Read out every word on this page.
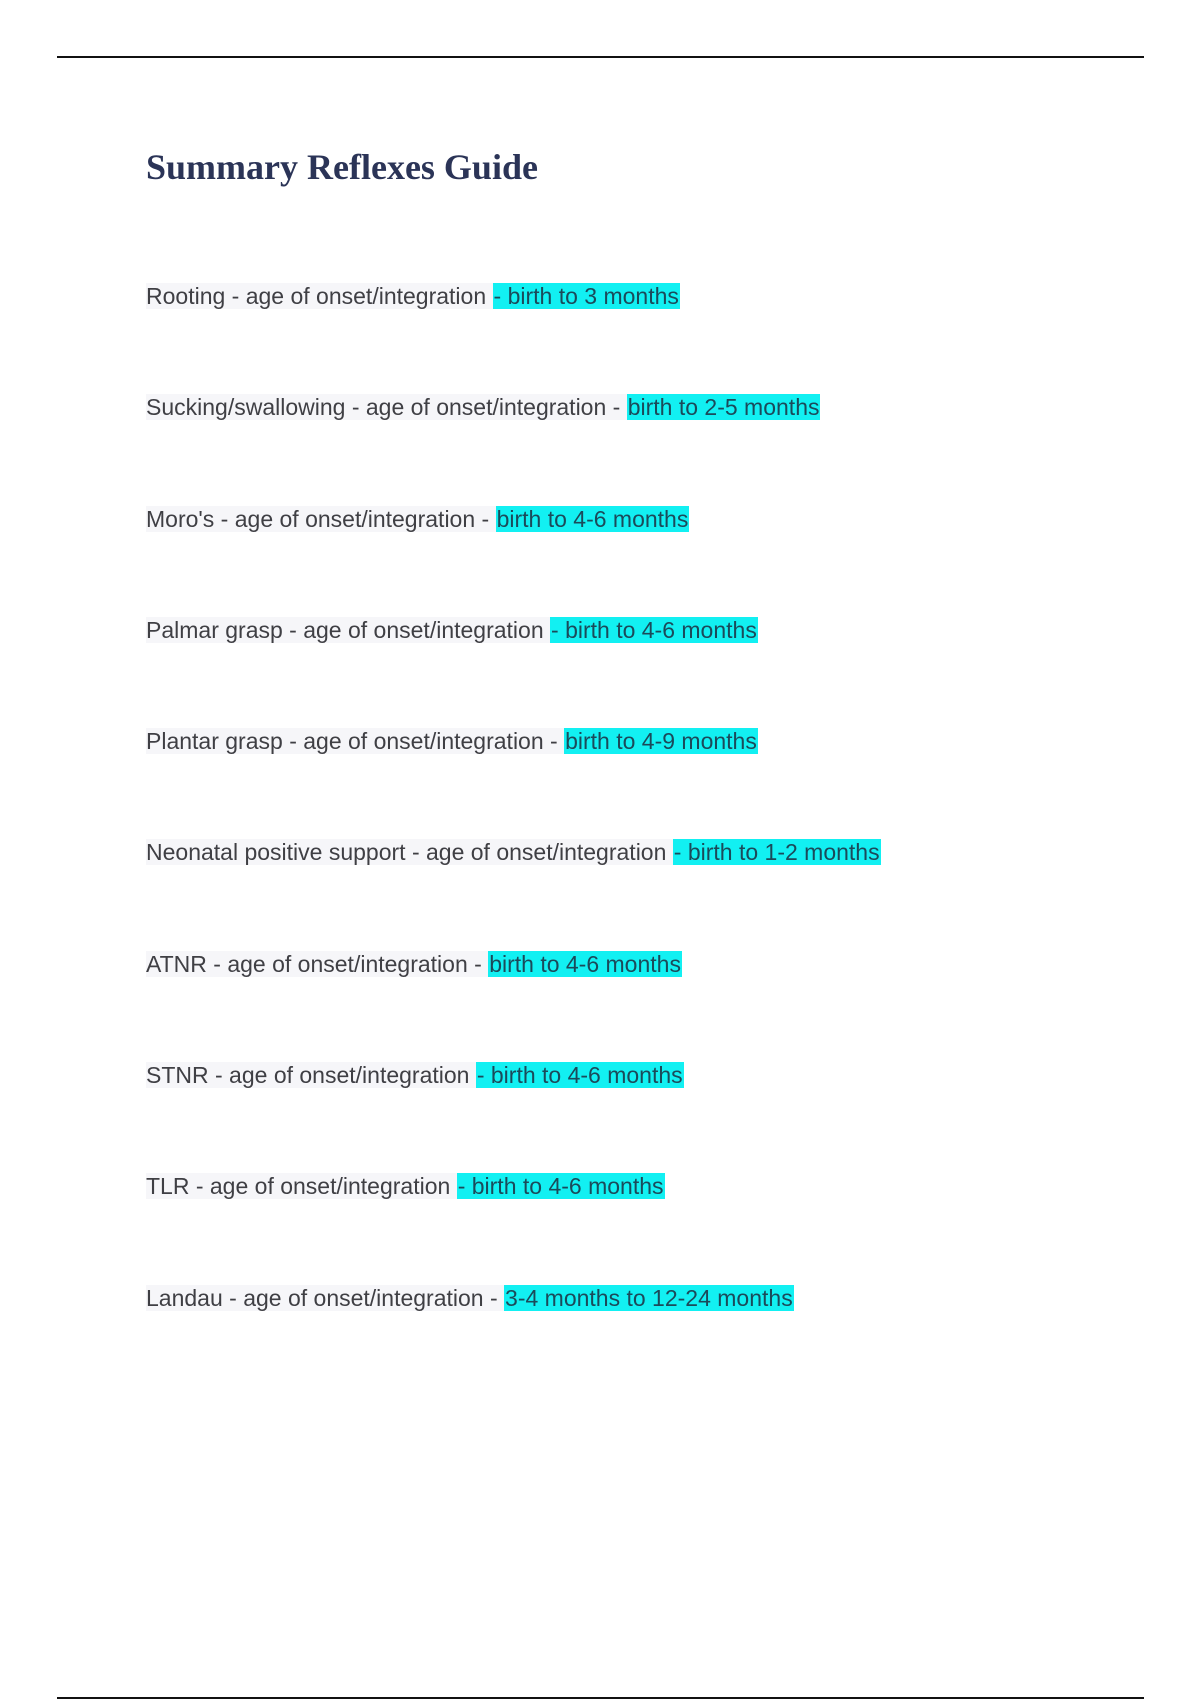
Summary Reflexes Guide
Rooting - age of onset/integration - birth to 3 months
Sucking/swallowing - age of onset/integration - birth to 2-5 months
Moro's - age of onset/integration - birth to 4-6 months
Palmar grasp - age of onset/integration - birth to 4-6 months
Plantar grasp - age of onset/integration - birth to 4-9 months
Neonatal positive support - age of onset/integration - birth to 1-2 months
ATNR - age of onset/integration - birth to 4-6 months
STNR - age of onset/integration - birth to 4-6 months
TLR - age of onset/integration - birth to 4-6 months
Landau - age of onset/integration - 3-4 months to 12-24 months
